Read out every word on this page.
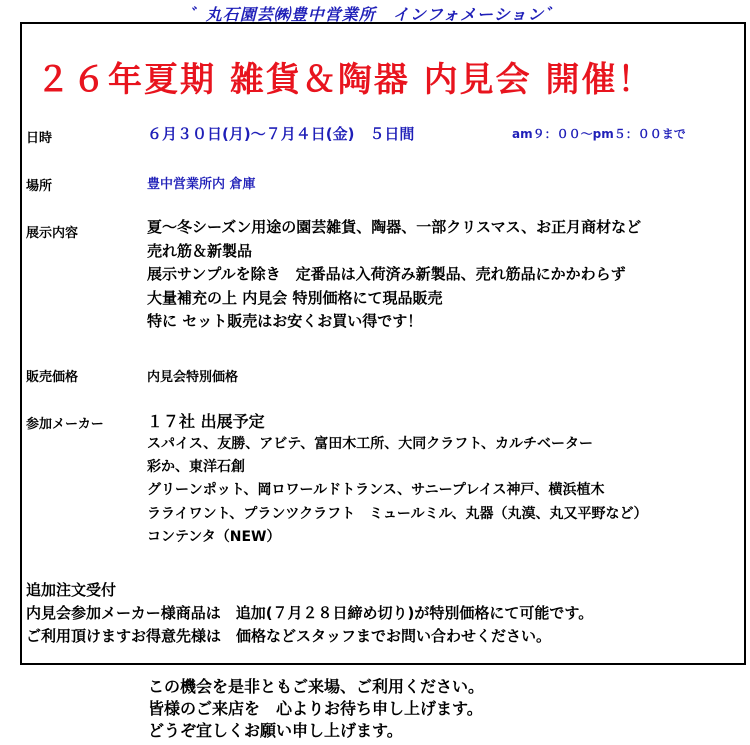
゛丸石園芸㈱豊中営業所　インフォメーション゛
２６年夏期 雑貨＆陶器 内見会 開催！
日時	６月３０日(月)～７月４日(金)　５日間	am９：００～pm５：００まで
場所	豊中営業所内 倉庫
展示内容	夏～冬シーズン用途の園芸雑貨、陶器、一部クリスマス、お正月商材など
売れ筋＆新製品
展示サンプルを除き　定番品は入荷済み新製品、売れ筋品にかかわらず
大量補充の上 内見会 特別価格にて現品販売
特に セット販売はお安くお買い得です！
販売価格	内見会特別価格
参加メーカー	１７社 出展予定
スパイス、友勝、アビテ、富田木工所、大同クラフト、カルチベーター
彩か、東洋石創
グリーンポット、岡ロワールドトランス、サニープレイス神戸、横浜植木
ラライワント、プランツクラフト　ミュールミル、丸器（丸漠、丸又平野など）
コンテンタ（NEW）
追加注文受付
内見会参加メーカー様商品は　追加(７月２８日締め切り)が特別価格にて可能です。
ご利用頂けますお得意先様は　価格などスタッフまでお問い合わせください。
この機会を是非ともご来場、ご利用ください。
皆様のご来店を　心よりお待ち申し上げます。
どうぞ宜しくお願い申し上げます。
